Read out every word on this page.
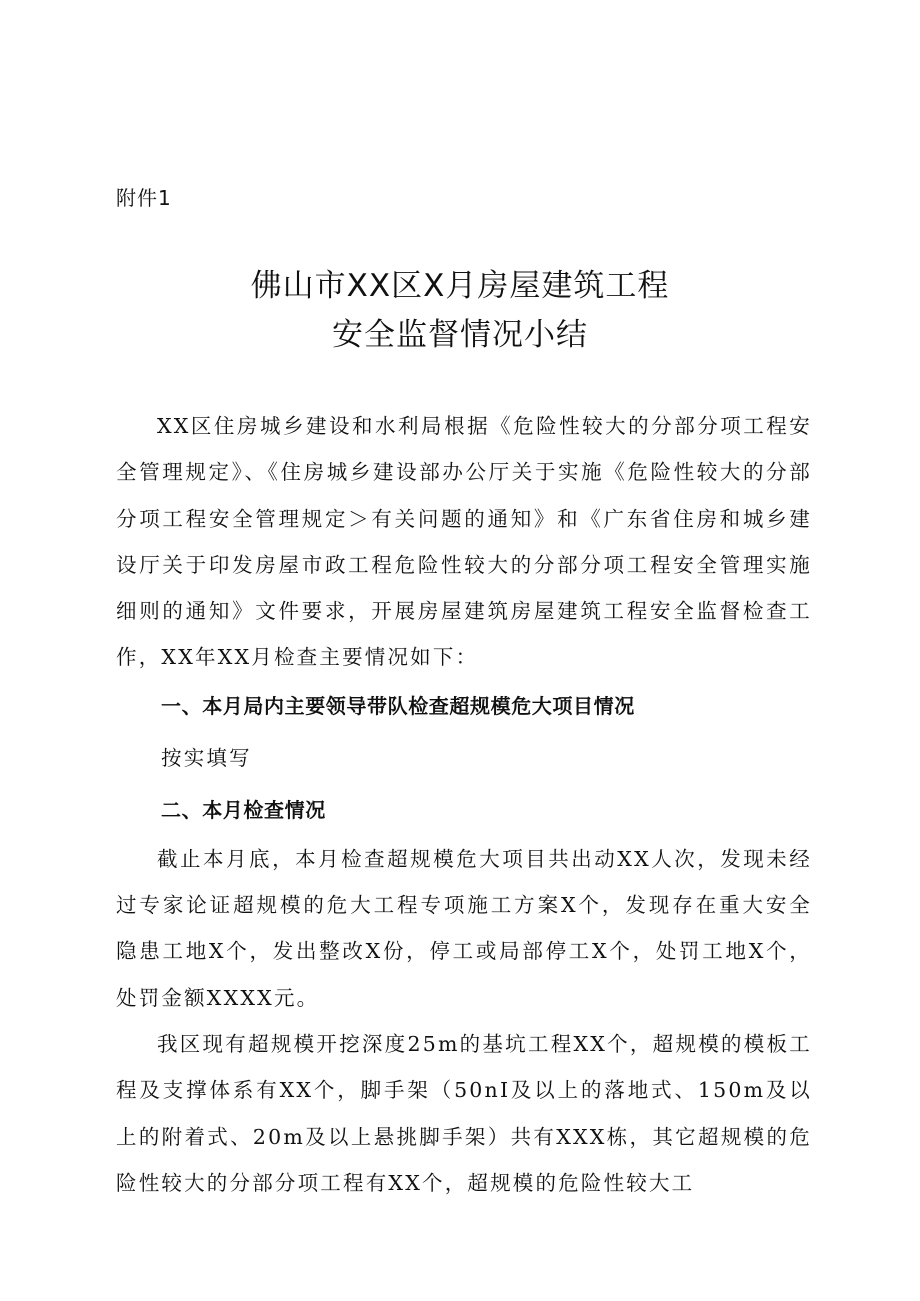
附件1
佛山市XX区X月房屋建筑工程
安全监督情况小结

XX区住房城乡建设和水利局根据《危险性较大的分部分项工程安全管理规定》、《住房城乡建设部办公厅关于实施《危险性较大的分部分项工程安全管理规定＞有关问题的通知》和《广东省住房和城乡建设厅关于印发房屋市政工程危险性较大的分部分项工程安全管理实施细则的通知》文件要求，开展房屋建筑房屋建筑工程安全监督检查工作，XX年XX月检查主要情况如下：

一、本月局内主要领导带队检查超规模危大项目情况

按实填写

二、本月检查情况

截止本月底，本月检查超规模危大项目共出动XX人次，发现未经过专家论证超规模的危大工程专项施工方案X个，发现存在重大安全隐患工地X个，发出整改X份，停工或局部停工X个，处罚工地X个，处罚金额XXXX元。

我区现有超规模开挖深度25m的基坑工程XX个，超规模的模板工程及支撑体系有XX个，脚手架（50nI及以上的落地式、150m及以上的附着式、20m及以上悬挑脚手架）共有XXX栋，其它超规模的危险性较大的分部分项工程有XX个，超规模的危险性较大工
